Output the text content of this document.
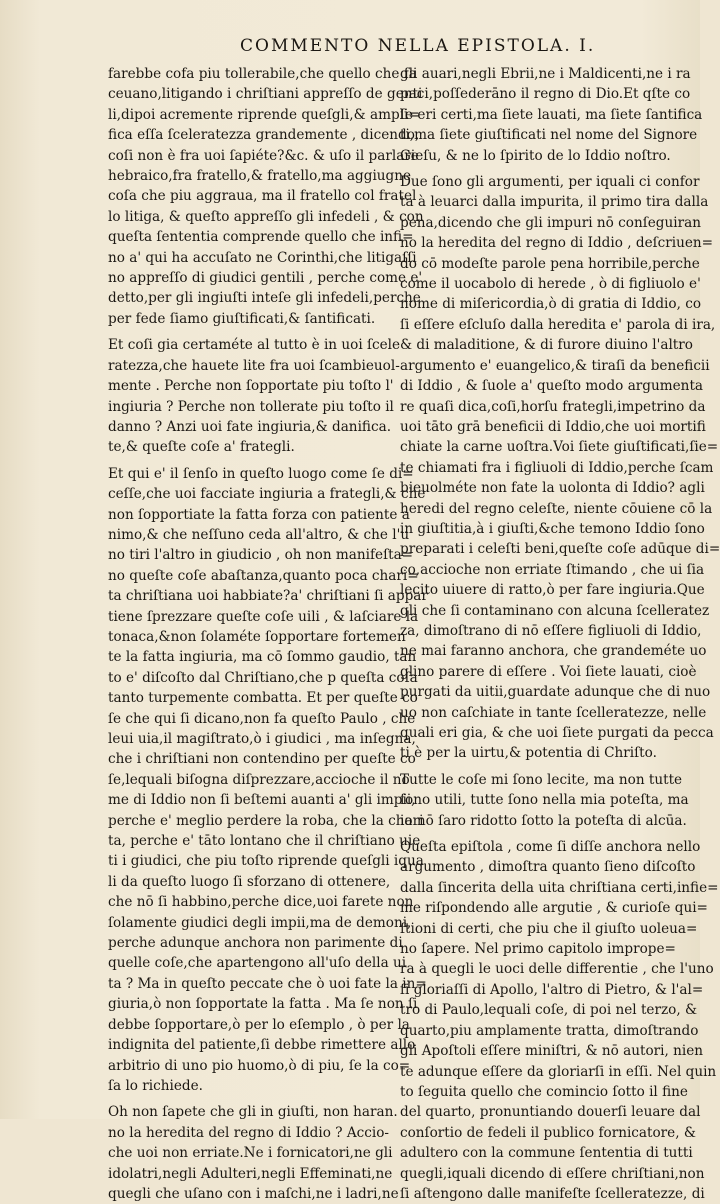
COMMENTO NELLA EPISTOLA. I.
farebbe cofa piu tollerabile,che quello che fa
ceuano,litigando i chriſtiani appreſſo de genti
li,dipoi acremente riprende queſgli,& ampli=
fica eſſa ſceleratezza grandemente , dicendo,
coſi non è fra uoi ſapiéte?&c. & uſo il parlare
hebraico,fra fratello,& fratello,ma aggiugne
coſa che piu aggraua, ma il fratello col fratel
lo litiga, & queſto appreſſo gli infedeli , & con
queſta ſententia comprende quello che infi=
no a' qui ha accuſato ne Corinthi,che litigaſſi
no appreſſo di giudici gentili , perche come e'
detto,per gli ingiuſti inteſe gli infedeli,perche
per fede ſiamo giuſtificati,& ſantificati.
Et coſi gia certaméte al tutto è in uoi ſcele
ratezza,che hauete lite fra uoi ſcambieuol-
mente . Perche non ſopportate piu toſto l'
ingiuria ? Perche non tollerate piu toſto il
danno ? Anzi uoi fate ingiuria,& danifica.
te,& queſte coſe a' frategli.
Et qui e' il ſenſo in queſto luogo come ſe di=
ceſſe,che uoi facciate ingiuria a frategli,& che
non ſopportiate la fatta forza con patiente a
nimo,& che neſſuno ceda all'altro, & che l'u
no tiri l'altro in giudicio , oh non manifeſta=
no queſte coſe abaſtanza,quanto poca chari=
ta chriſtiana uoi habbiate?a' chriſtiani ſi appar
tiene ſprezzare queſte coſe uili , & laſciare la
tonaca,&non ſolaméte ſopportare fortemen
te la fatta ingiuria, ma cō ſommo gaudio, tan
to e' diſcoſto dal Chriſtiano,che p queſta coſa
tanto turpemente combatta. Et per queſte co
ſe che qui ſi dicano,non fa queſto Paulo , che
leui uia,il magiſtrato,ò i giudici , ma inſegna,
che i chriſtiani non contendino per queſte co
ſe,lequali biſogna diſprezzare,accioche il no
me di Iddio non ſi beſtemi auanti a' gli impii,
perche e' meglio perdere la roba, che la chari
ta, perche e' tāto lontano che il chriſtiano uie
ti i giudici, che piu toſto riprende queſgli iqua
li da queſto luogo ſi sforzano di ottenere,
che nō ſi habbino,perche dice,uoi farete non
ſolamente giudici degli impii,ma de demoni,
perche adunque anchora non parimente di
quelle coſe,che apartengono all'uſo della ui
ta ? Ma in queſto peccate che ò uoi fate la in=
giuria,ò non ſopportate la fatta . Ma ſe non ſi
debbe ſopportare,ò per lo eſemplo , ò per la
indignita del patiente,ſi debbe rimettere allo
arbitrio di uno pio huomo,ò di piu, ſe la co=
ſa lo richiede.
Oh non ſapete che gli in giuſti, non haran.
no la heredita del regno di Iddio ? Accio-
che uoi non erriate.Ne i fornicatori,ne gli
idolatri,negli Adulteri,negli Effeminati,ne
quegli che uſano con i maſchi,ne i ladri,ne
gli auari,negli Ebrii,ne i Maldicenti,ne i ra
paci,poſſederāno il regno di Dio.Et qſte co
ſe eri certi,ma ſiete lauati, ma ſiete ſantifica
ti,ma ſiete giuſtificati nel nome del Signore
Gieſu, & ne lo ſpirito de lo Iddio noſtro.
Due ſono gli argumenti, per iquali ci confor
ta à leuarci dalla impurita, il primo tira dalla
pena,dicendo che gli impuri nō conſeguiran
no la heredita del regno di Iddio , deſcriuen=
do cō modeſte parole pena horribile,perche
come il uocabolo di herede , ò di figliuolo e'
nome di miſericordia,ò di gratia di Iddio, co
ſi eſſere eſcluſo dalla heredita e' parola di ira,
& di maladitione, & di furore diuino l'altro
argumento e' euangelico,& tiraſi da beneficii
di Iddio , & ſuole a' queſto modo argumenta
re quaſi dica,coſi,horſu frategli,impetrino da
uoi tāto grā beneficii di Iddio,che uoi mortifi
chiate la carne uoſtra.Voi ſiete giuſtificati,ſie=
te chiamati fra i figliuoli di Iddio,perche ſcam
bieuolméte non fate la uolonta di Iddio? agli
heredi del regno celeſte, niente cōuiene cō la
in giuſtitia,à i giuſti,&che temono Iddio ſono
preparati i celeſti beni,queſte coſe adūque di=
co,accioche non erriate ſtimando , che ui ſia
lecito uiuere di ratto,ò per fare ingiuria.Que
gli che ſi contaminano con alcuna ſcelleratez
za, dimoſtrano di nō eſſere figliuoli di Iddio,
ne mai faranno anchora, che grandeméte uo
glino parere di eſſere . Voi ſiete lauati, cioè
purgati da uitii,guardate adunque che di nuo
uo non caſchiate in tante ſcelleratezze, nelle
quali eri gia, & che uoi ſiete purgati da pecca
ti è per la uirtu,& potentia di Chriſto.
Tutte le coſe mi ſono lecite, ma non tutte
ſono utili, tutte ſono nella mia poteſta, ma
io nō ſaro ridotto ſotto la poteſta di alcūa.
Queſta epiſtola , come ſi diſſe anchora nello
argumento , dimoſtra quanto ſieno diſcoſto
dalla ſincerita della uita chriſtiana certi,infie=
me riſpondendo alle argutie , & curioſe qui=
ſtioni di certi, che piu che il giuſto uoleua=
no ſapere. Nel primo capitolo imprope=
ra à quegli le uoci delle differentie , che l'uno
ſi gloriaſſi di Apollo, l'altro di Pietro, & l'al=
tro di Paulo,lequali coſe, di poi nel terzo, &
quarto,piu amplamente tratta, dimoſtrando
gli Apoſtoli eſſere miniſtri, & nō autori, nien
te adunque eſſere da gloriarſi in eſſi. Nel quin
to ſeguita quello che comincio ſotto il fine
del quarto, pronuntiando douerſi leuare dal
conſortio de fedeli il publico fornicatore, &
adultero con la commune ſententia di tutti
quegli,iquali dicendo di eſſere chriſtiani,non
ſi aſtengono dalle manifeſte ſcelleratezze, di
